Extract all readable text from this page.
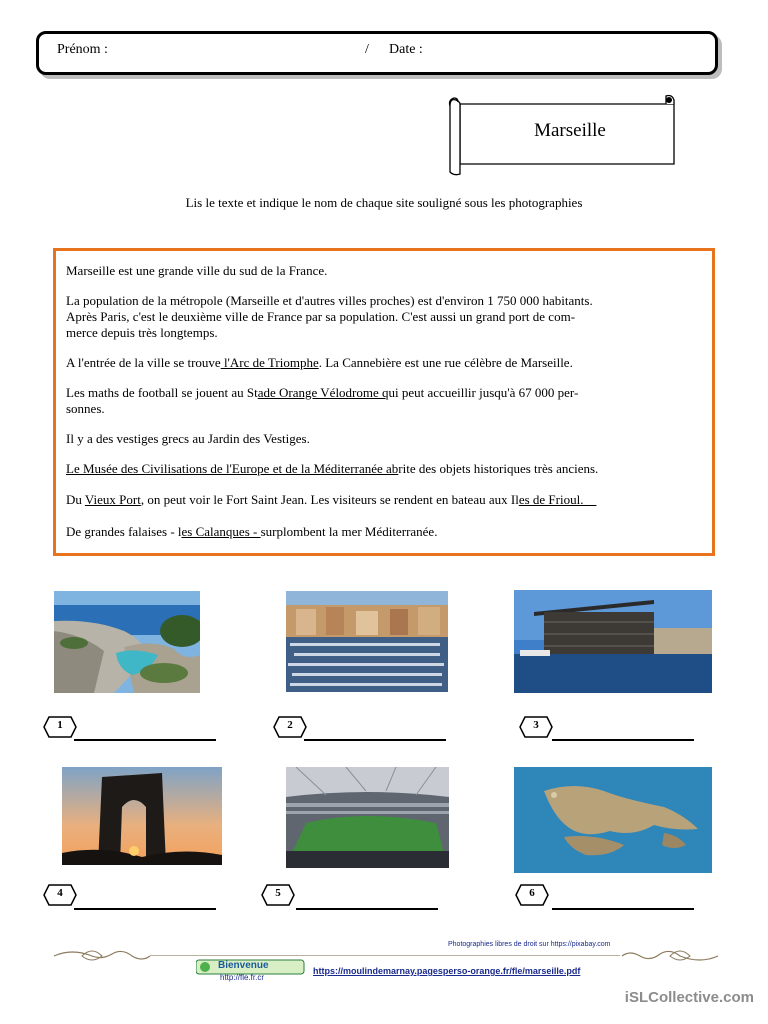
Prénom :	/ Date :
Marseille
Lis le texte et indique le nom de chaque site souligné sous les photographies
Marseille est une grande ville du sud de la France.
La population de la métropole (Marseille et d'autres villes proches) est d'environ 1 750 000 habitants.
Après Paris, c'est le deuxième ville de France par sa population. C'est aussi un grand port de com-
merce depuis très longtemps.
A l'entrée de la ville se trouve l'Arc de Triomphe. La Cannebière est une rue célèbre de Marseille.
Les maths de football se jouent au Stade Orange Vélodrome qui peut accueillir jusqu'à 67 000 per-
sonnes.
Il y a des vestiges grecs au Jardin des Vestiges.
Le Musée des Civilisations de l'Europe et de la Méditerranée abrite des objets historiques très anciens.
Du Vieux Port, on peut voir le Fort Saint Jean. Les visiteurs se rendent en bateau aux Iles de Frioul.
De grandes falaises - les Calanques - surplombent la mer Méditerranée.
1	2	3
4	5	6
Photographies libres de droit sur https://pixabay.com
Bienvenue
http://fle.fr.cr
https://moulindemarnay.pagesperso-orange.fr/fle/marseille.pdf
iSLCollective.com
